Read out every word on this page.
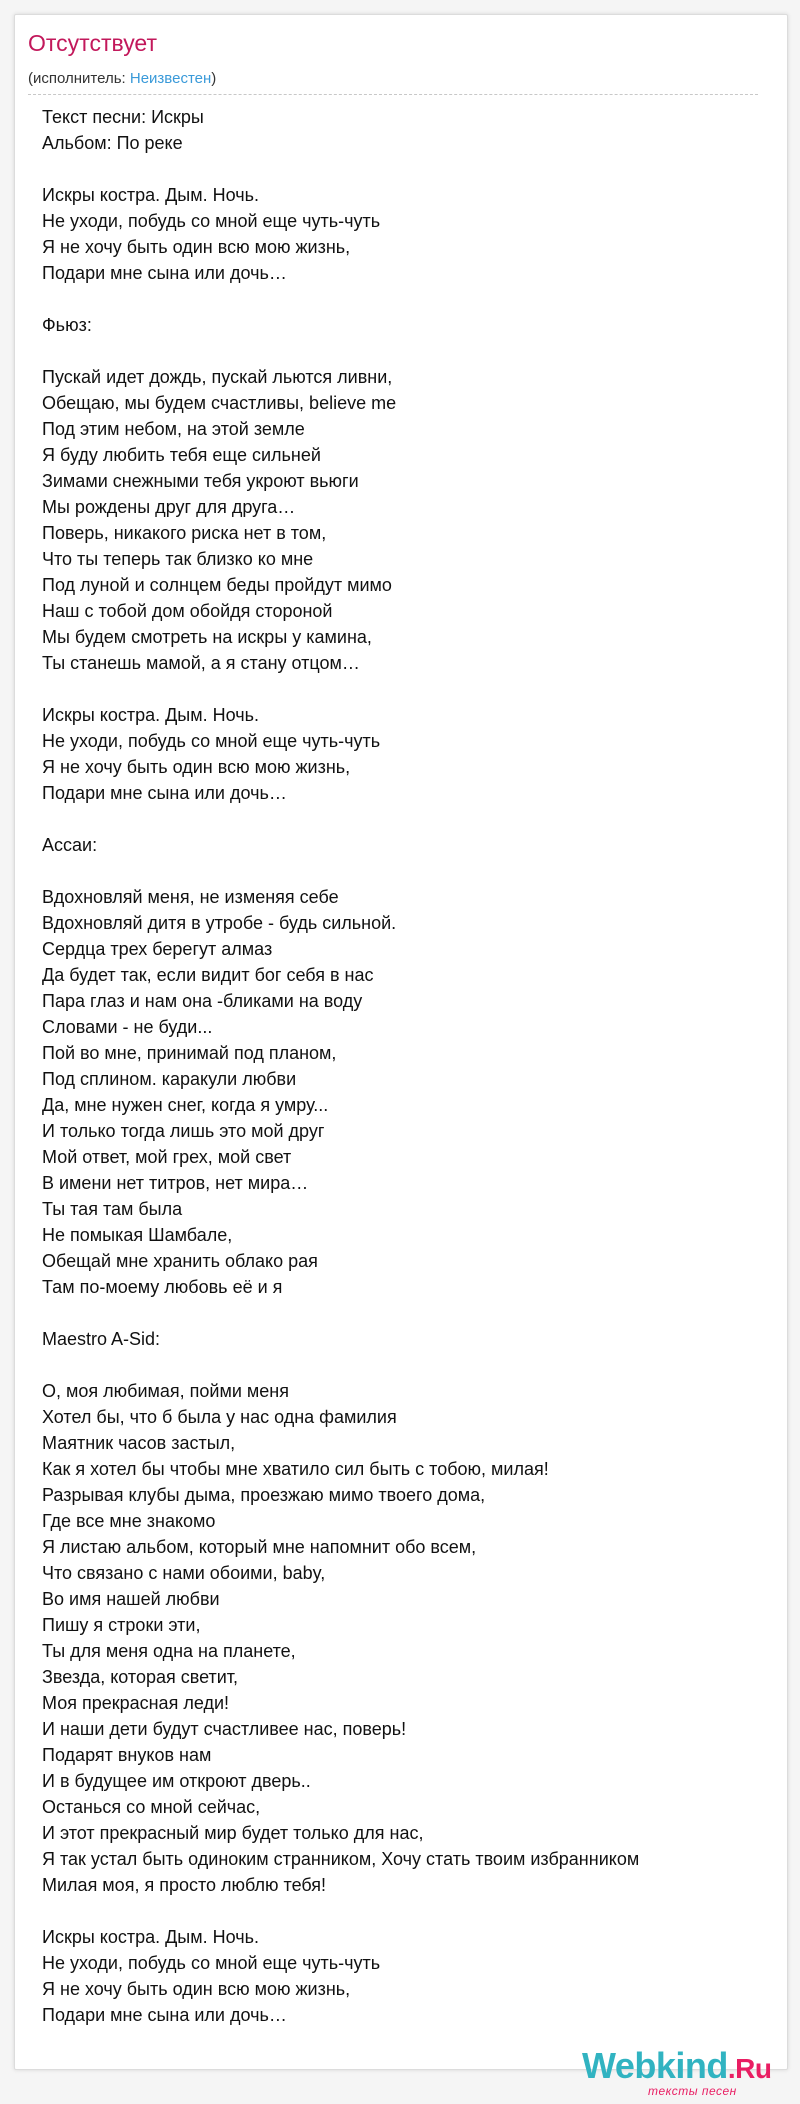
Отсутствует
(исполнитель: Неизвестен)
Текст песни: Искры
Альбом: По реке
Искры костра. Дым. Ночь.
Не уходи, побудь со мной еще чуть-чуть
Я не хочу быть один всю мою жизнь,
Подари мне сына или дочь…
Фьюз:
Пускай идет дождь, пускай льются ливни,
Обещаю, мы будем счастливы, believe me
Под этим небом, на этой земле
Я буду любить тебя еще сильней
Зимами снежными тебя укроют вьюги
Мы рождены друг для друга…
Поверь, никакого риска нет в том,
Что ты теперь так близко ко мне
Под луной и солнцем беды пройдут мимо
Наш с тобой дом обойдя стороной
Мы будем смотреть на искры у камина,
Ты станешь мамой, а я стану отцом…
Искры костра. Дым. Ночь.
Не уходи, побудь со мной еще чуть-чуть
Я не хочу быть один всю мою жизнь,
Подари мне сына или дочь…
Ассаи:
Вдохновляй меня, не изменяя себе
Вдохновляй дитя в утробе - будь сильной.
Сердца трех берегут алмаз
Да будет так, если видит бог себя в нас
Пара глаз и нам она -бликами на воду
Словами - не буди...
Пой во мне, принимай под планом,
Под сплином. каракули любви
Да, мне нужен снег, когда я умру...
И только тогда лишь это мой друг
Мой ответ, мой грех, мой свет
В имени нет титров, нет мира…
Ты тая там была
Не помыкая Шамбале,
Обещай мне хранить облако рая
Там по-моему любовь её и я
Maestro A-Sid:
О, моя любимая, пойми меня
Хотел бы, что б была у нас одна фамилия
Маятник часов застыл,
Как я хотел бы чтобы мне хватило сил быть с тобою, милая!
Разрывая клубы дыма, проезжаю мимо твоего дома,
Где все мне знакомо
Я листаю альбом, который мне напомнит обо всем,
Что связано с нами обоими, baby,
Во имя нашей любви
Пишу я строки эти,
Ты для меня одна на планете,
Звезда, которая светит,
Моя прекрасная леди!
И наши дети будут счастливее нас, поверь!
Подарят внуков нам
И в будущее им откроют дверь..
Останься со мной сейчас,
И этот прекрасный мир будет только для нас,
Я так устал быть одиноким странником, Хочу стать твоим избранником
Милая моя, я просто люблю тебя!
Искры костра. Дым. Ночь.
Не уходи, побудь со мной еще чуть-чуть
Я не хочу быть один всю мою жизнь,
Подари мне сына или дочь…
Webkind.Ru
тексты песен
